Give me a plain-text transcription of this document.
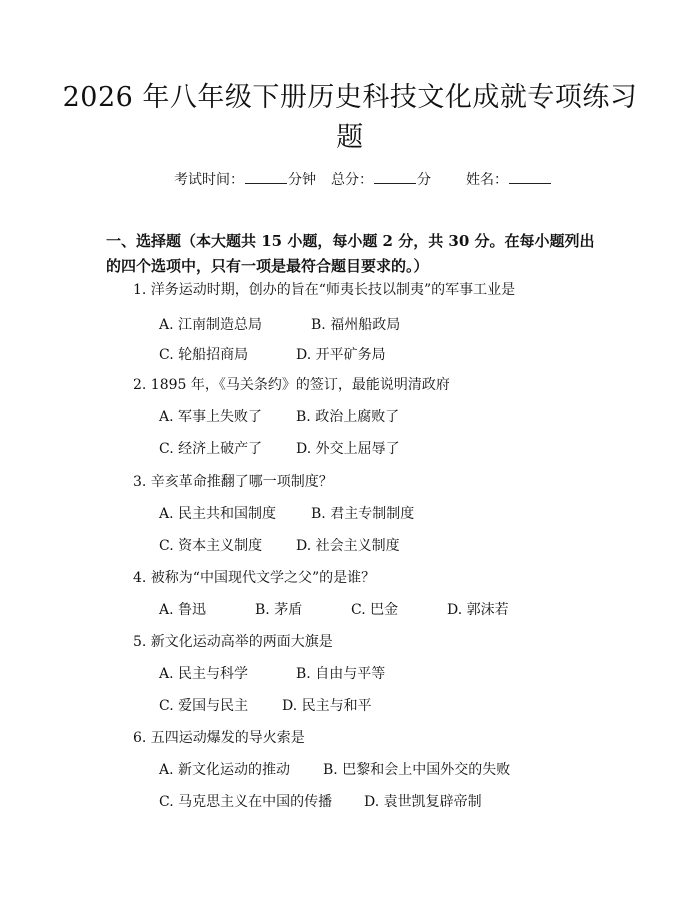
2026 年八年级下册历史科技文化成就专项练习题
考试时间：	分钟 总分：	分	姓名：
一、选择题（本大题共 15 小题，每小题 2 分，共 30 分。在每小题列出的四个选项中，只有一项是最符合题目要求的。）
1. 洋务运动时期，创办的旨在“师夷长技以制夷”的军事工业是
A. 江南制造总局	B. 福州船政局
C. 轮船招商局	D. 开平矿务局
2. 1895 年，《马关条约》的签订，最能说明清政府
A. 军事上失败了 B. 政治上腐败了
C. 经济上破产了 D. 外交上屈辱了
3. 辛亥革命推翻了哪一项制度？
A. 民主共和国制度 B. 君主专制制度
C. 资本主义制度 D. 社会主义制度
4. 被称为“中国现代文学之父”的是谁？
A. 鲁迅	B. 茅盾	C. 巴金	D. 郭沫若
5. 新文化运动高举的两面大旗是
A. 民主与科学	B. 自由与平等
C. 爱国与民主 D. 民主与和平
6. 五四运动爆发的导火索是
A. 新文化运动的推动 B. 巴黎和会上中国外交的失败
C. 马克思主义在中国的传播 D. 袁世凯复辟帝制
